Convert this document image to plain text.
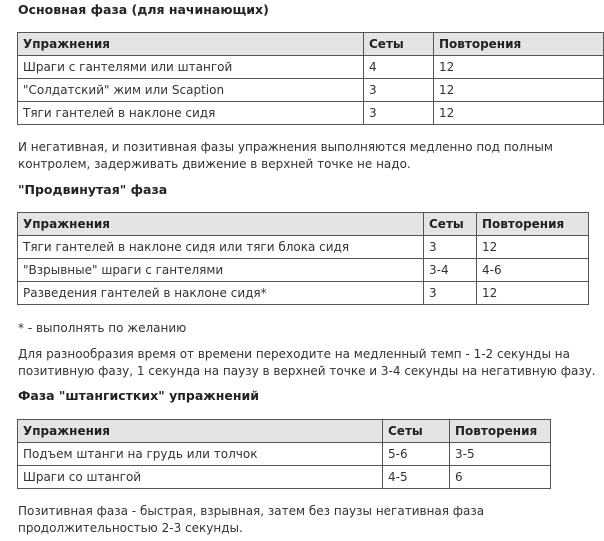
Основная фаза (для начинающих)
Упражнения	Сеты	Повторения
Шраги с гантелями или штангой	4	12
"Солдатский" жим или Scaption	3	12
Тяги гантелей в наклоне сидя	3	12
И негативная, и позитивная фазы упражнения выполняются медленно под полным контролем, задерживать движение в верхней точке не надо.
"Продвинутая" фаза
Упражнения	Сеты	Повторения
Тяги гантелей в наклоне сидя или тяги блока сидя	3	12
"Взрывные" шраги с гантелями	3-4	4-6
Разведения гантелей в наклоне сидя*	3	12
* - выполнять по желанию
Для разнообразия время от времени переходите на медленный темп - 1-2 секунды на позитивную фазу, 1 секунда на паузу в верхней точке и 3-4 секунды на негативную фазу.
Фаза "штангистких" упражнений
Упражнения	Сеты	Повторения
Подъем штанги на грудь или толчок	5-6	3-5
Шраги со штангой	4-5	6
Позитивная фаза - быстрая, взрывная, затем без паузы негативная фаза продолжительностью 2-3 секунды.
